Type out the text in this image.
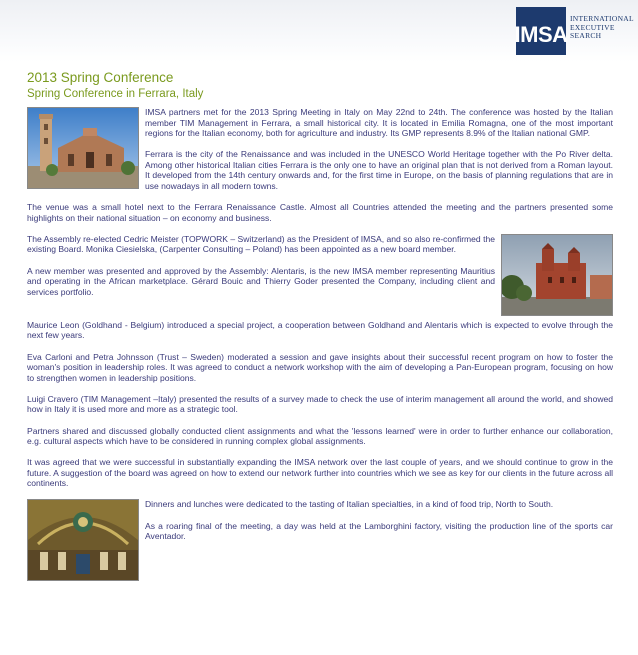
IMSA
INTERNATIONAL
EXECUTIVE
SEARCH
2013 Spring Conference
Spring Conference in Ferrara, Italy

IMSA partners met for the 2013 Spring Meeting in Italy on May 22nd to 24th. The conference was hosted by the Italian member TIM Management in Ferrara, a small historical city. It is located in Emilia Romagna, one of the most important regions for the Italian economy, both for agriculture and industry. Its GMP represents 8.9% of the Italian national GMP.

Ferrara is the city of the Renaissance and was included in the UNESCO World Heritage together with the Po River delta. Among other historical Italian cities Ferrara is the only one to have an original plan that is not derived from a Roman layout. It developed from the 14th century onwards and, for the first time in Europe, on the basis of planning regulations that are in use nowadays in all modern towns.

The venue was a small hotel next to the Ferrara Renaissance Castle. Almost all Countries attended the meeting and the partners presented some highlights on their national situation – on economy and business.

The Assembly re-elected Cedric Meister (TOPWORK – Switzerland) as the President of IMSA, and so also re-confirmed the existing Board. Monika Ciesielska, (Carpenter Consulting – Poland) has been appointed as a new board member.

A new member was presented and approved by the Assembly: Alentaris, is the new IMSA member representing Mauritius and operating in the African marketplace. Gérard Bouic and Thierry Goder presented the Company, including client and services portfolio.

Maurice Leon (Goldhand - Belgium) introduced a special project, a cooperation between Goldhand and Alentaris which is expected to evolve through the next few years.

Eva Carloni and Petra Johnsson (Trust – Sweden) moderated a session and gave insights about their successful recent program on how to foster the woman's position in leadership roles. It was agreed to conduct a network workshop with the aim of developing a Pan-European program, focusing on how to strengthen women in leadership positions.

Luigi Cravero (TIM Management –Italy) presented the results of a survey made to check the use of interim management all around the world, and showed how in Italy it is used more and more as a strategic tool.

Partners shared and discussed globally conducted client assignments and what the 'lessons learned' were in order to further enhance our collaboration, e.g. cultural aspects which have to be considered in running complex global assignments.

It was agreed that we were successful in substantially expanding the IMSA network over the last couple of years, and we should continue to grow in the future. A suggestion of the board was agreed on how to extend our network further into countries which we see as key for our clients in the future across all continents.

Dinners and lunches were dedicated to the tasting of Italian specialties, in a kind of food trip, North to South.

As a roaring final of the meeting, a day was held at the Lamborghini factory, visiting the production line of the sports car Aventador.
